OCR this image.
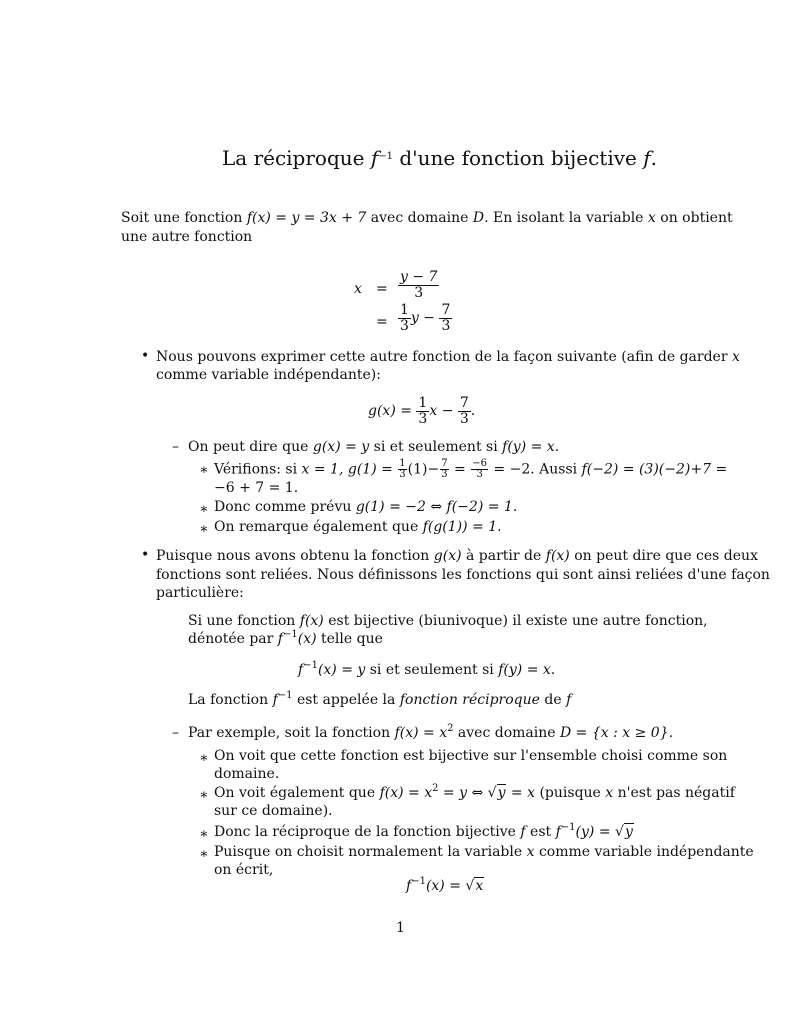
La réciproque $f^{-1}$ d'une fonction bijective f.
Soit une fonction f(x) = y = 3x + 7 avec domaine D. En isolant la variable x on obtient
une autre fonction
$x = \frac{y - 7}{3}$
= $\frac{1}{3}$ $y - \frac{7}{3}$
• Nous pouvons exprimer cette autre fonction de la façon suivante (afin de garder x
comme variable indépendante):
$g(x) = \frac{1}{3}$ $x - \frac{7}{3}$ .
– On peut dire que g(x) = y si et seulement si f(y) = x.
∗ Vérifions: si x = 1, $g(1) = \frac{1}{3} (1)- \frac{7}{3} = \frac{-6}{3} = -2$. Aussi f(−2) = (3)(−2)+7 =
−6 + 7 = 1.
∗ Donc comme prévu g(1) = −2 ⇔ f(−2) = 1.
∗ On remarque également que f(g(1)) = 1.
• Puisque nous avons obtenu la fonction g(x) à partir de f(x) on peut dire que ces deux
fonctions sont reliées. Nous définissons les fonctions qui sont ainsi reliées d'une façon
particulière:
Si une fonction f(x) est bijective (biunivoque) il existe une autre fonction,
dénotée par $f^{-1}(x)$ telle que
$f^{-1}(x) = y$ si et seulement si f(y) = x.
La fonction $f^{-1}$ est appelée la fonction réciproque de f
– Par exemple, soit la fonction $f(x) = x^2$ avec domaine D = {x : x ≥ 0}.
∗ On voit que cette fonction est bijective sur l'ensemble choisi comme son
domaine.
∗ On voit également que $f(x) = x^2 = y$ ⇔ √y = x (puisque x n'est pas négatif
sur ce domaine).
∗ Donc la réciproque de la fonction bijective f est $f^{-1}(y) = √y$
∗ Puisque on choisit normalement la variable x comme variable indépendante
on écrit,
$f^{-1}(x) = √x$
1
